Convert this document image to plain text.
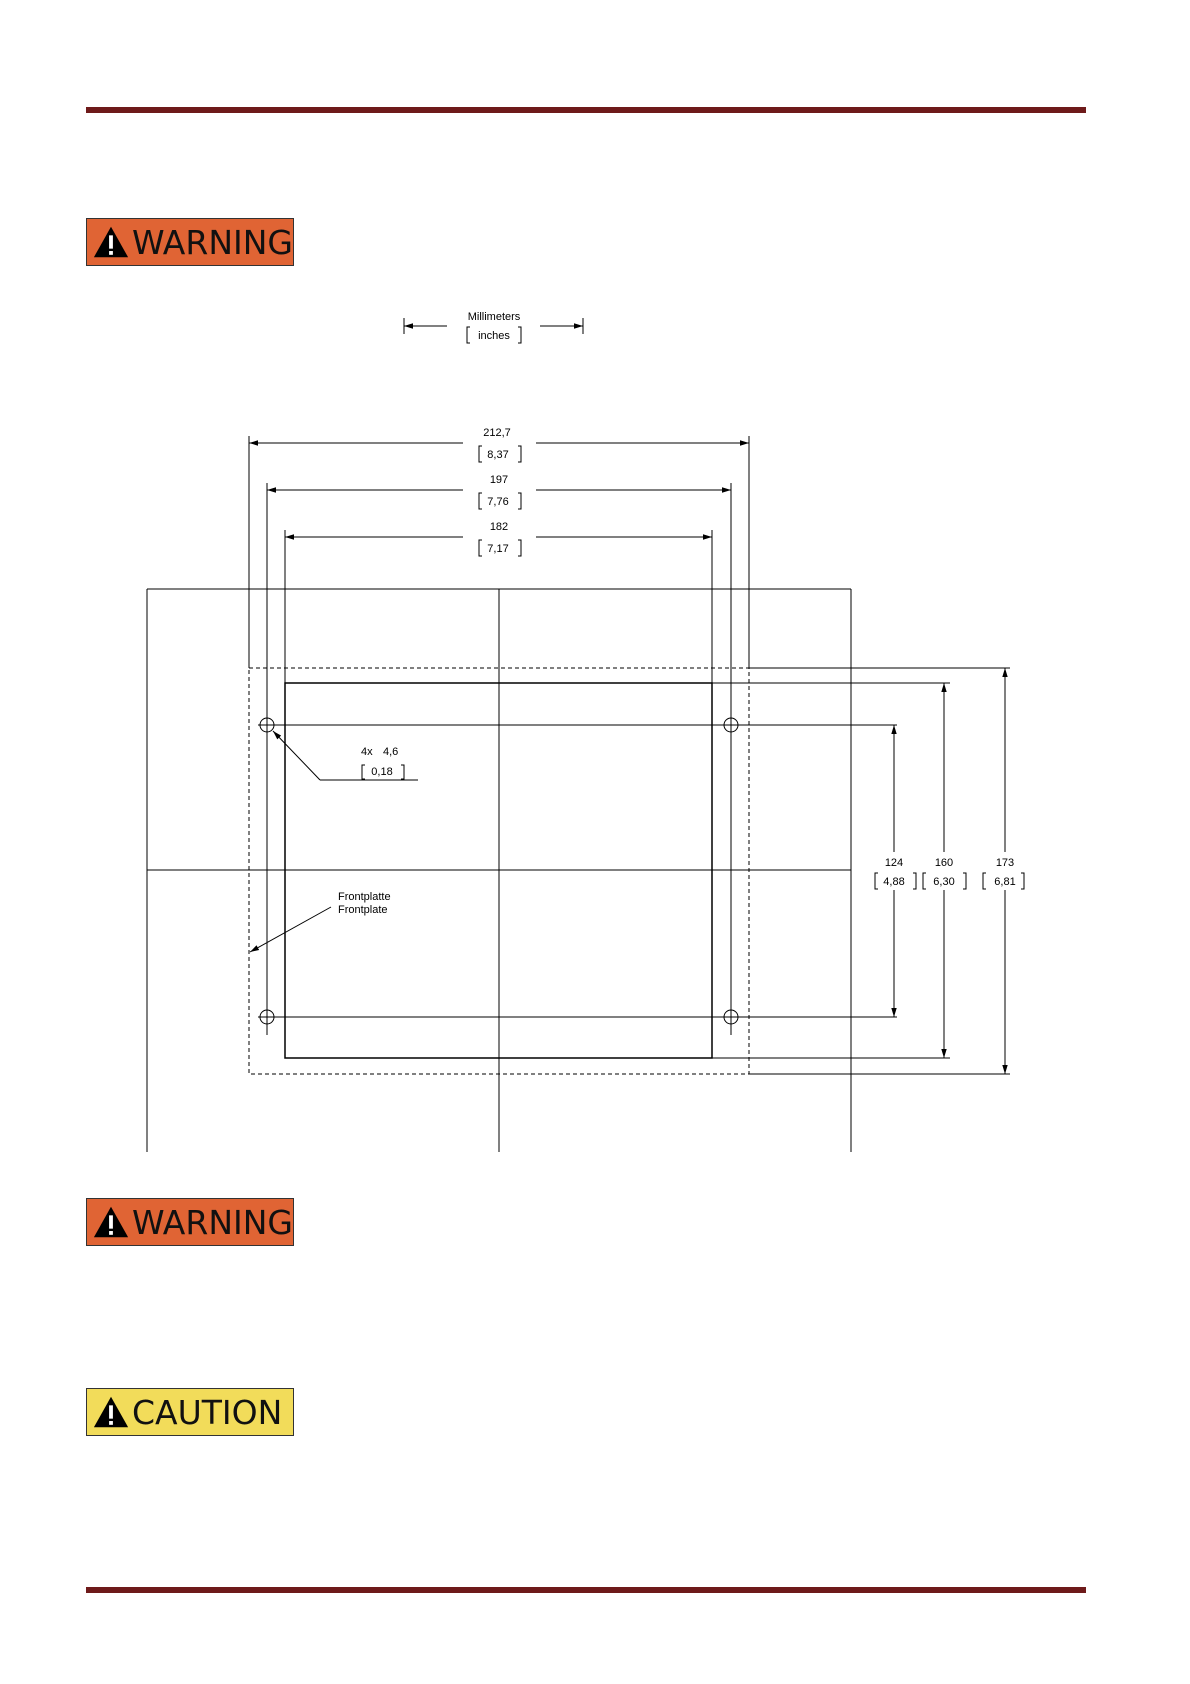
WARNING
WARNING
CAUTION
Millimeters
inches
212,7
8,37
197
7,76
182
7,17
4x 4,6
0,18
124
4,88
160
6,30
173
6,81
Frontplatte
Frontplate
